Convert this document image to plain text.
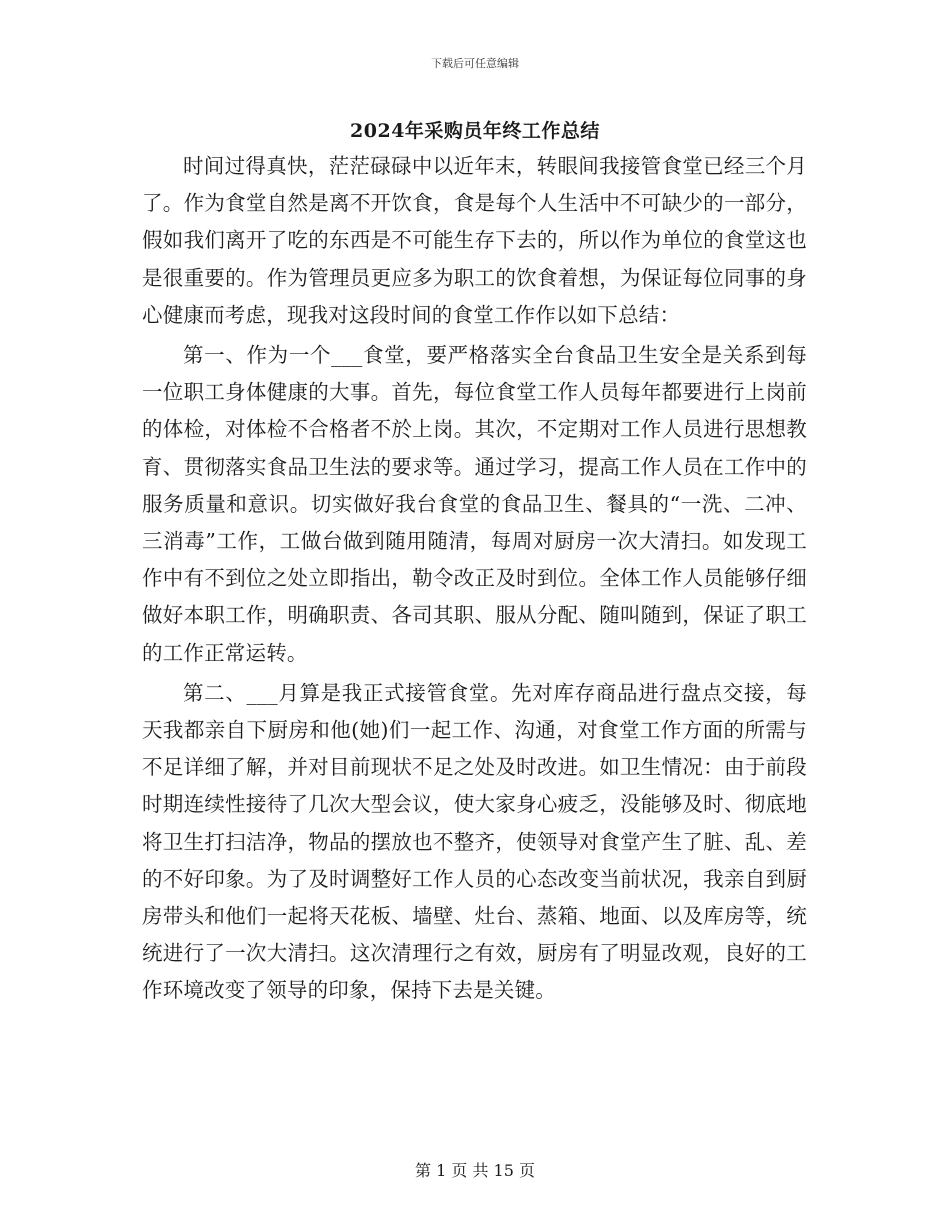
下载后可任意编辑
2024年采购员年终工作总结

时间过得真快，茫茫碌碌中以近年末，转眼间我接管食堂已经三个月了。作为食堂自然是离不开饮食，食是每个人生活中不可缺少的一部分，假如我们离开了吃的东西是不可能生存下去的，所以作为单位的食堂这也是很重要的。作为管理员更应多为职工的饮食着想，为保证每位同事的身心健康而考虑，现我对这段时间的食堂工作作以如下总结：

第一、作为一个___食堂，要严格落实全台食品卫生安全是关系到每一位职工身体健康的大事。首先，每位食堂工作人员每年都要进行上岗前的体检，对体检不合格者不於上岗。其次，不定期对工作人员进行思想教育、贯彻落实食品卫生法的要求等。通过学习，提高工作人员在工作中的服务质量和意识。切实做好我台食堂的食品卫生、餐具的“一洗、二冲、三消毒”工作，工做台做到随用随清，每周对厨房一次大清扫。如发现工作中有不到位之处立即指出，勒令改正及时到位。全体工作人员能够仔细做好本职工作，明确职责、各司其职、服从分配、随叫随到，保证了职工的工作正常运转。

第二、___月算是我正式接管食堂。先对库存商品进行盘点交接，每天我都亲自下厨房和他(她)们一起工作、沟通，对食堂工作方面的所需与不足详细了解，并对目前现状不足之处及时改进。如卫生情况：由于前段时期连续性接待了几次大型会议，使大家身心疲乏，没能够及时、彻底地将卫生打扫洁净，物品的摆放也不整齐，使领导对食堂产生了脏、乱、差的不好印象。为了及时调整好工作人员的心态改变当前状况，我亲自到厨房带头和他们一起将天花板、墙壁、灶台、蒸箱、地面、以及库房等，统统进行了一次大清扫。这次清理行之有效，厨房有了明显改观，良好的工作环境改变了领导的印象，保持下去是关键。

第 1 页 共 15 页
